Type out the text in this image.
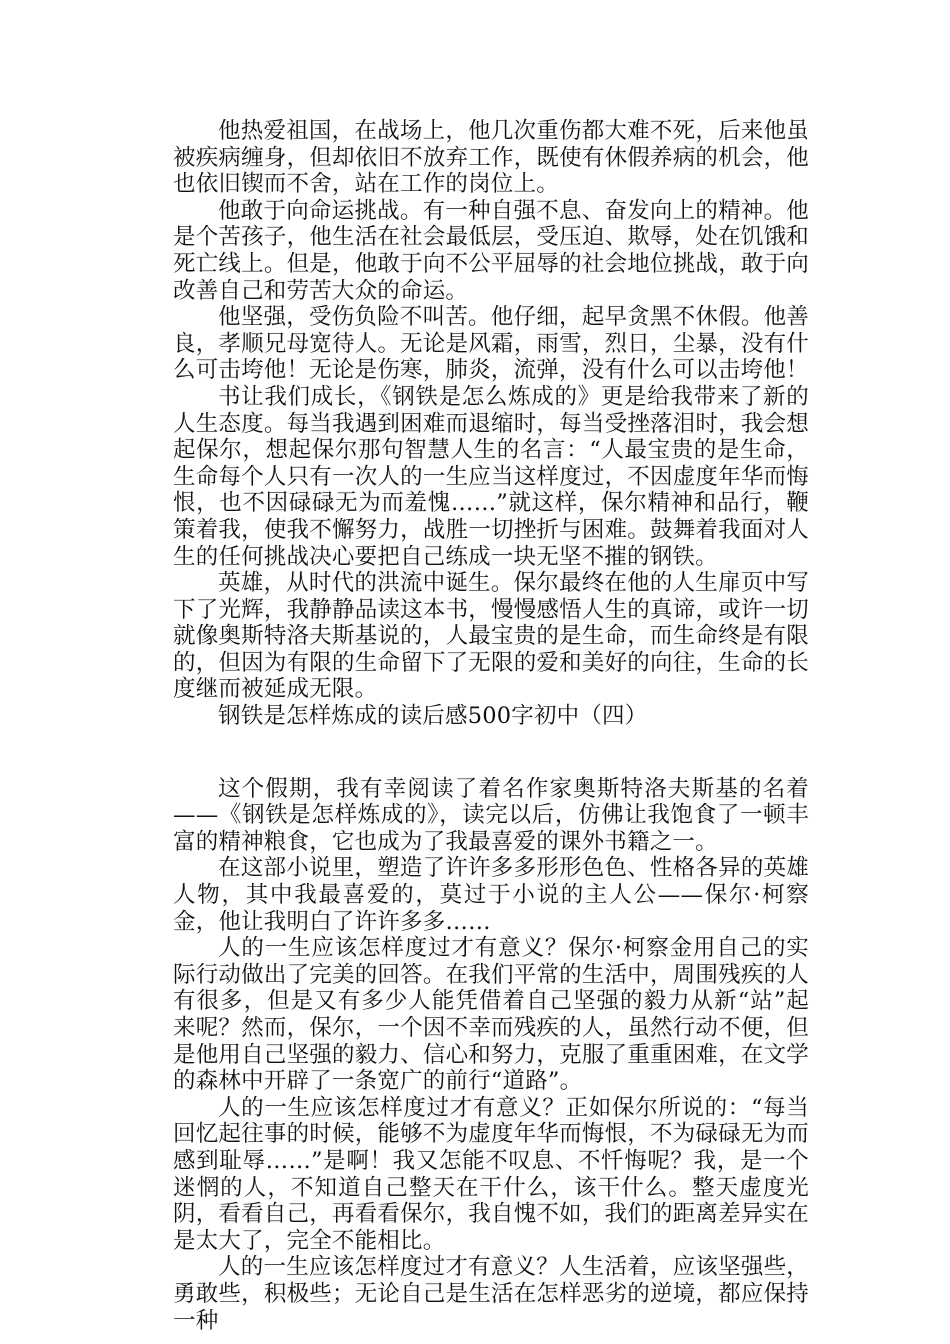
他热爱祖国，在战场上，他几次重伤都大难不死，后来他虽被疾病缠身，但却依旧不放弃工作，既使有休假养病的机会，他也依旧锲而不舍，站在工作的岗位上。

他敢于向命运挑战。有一种自强不息、奋发向上的精神。他是个苦孩子，他生活在社会最低层，受压迫、欺辱，处在饥饿和死亡线上。但是，他敢于向不公平屈辱的社会地位挑战，敢于向改善自己和劳苦大众的命运。

他坚强，受伤负险不叫苦。他仔细，起早贪黑不休假。他善良，孝顺兄母宽待人。无论是风霜，雨雪，烈日，尘暴，没有什么可击垮他！无论是伤寒，肺炎，流弹，没有什么可以击垮他！

书让我们成长，《钢铁是怎么炼成的》更是给我带来了新的人生态度。每当我遇到困难而退缩时，每当受挫落泪时，我会想起保尔，想起保尔那句智慧人生的名言：“人最宝贵的是生命，生命每个人只有一次人的一生应当这样度过，不因虚度年华而悔恨，也不因碌碌无为而羞愧……”就这样，保尔精神和品行，鞭策着我，使我不懈努力，战胜一切挫折与困难。鼓舞着我面对人生的任何挑战决心要把自己练成一块无坚不摧的钢铁。

英雄，从时代的洪流中诞生。保尔最终在他的人生扉页中写下了光辉，我静静品读这本书，慢慢感悟人生的真谛，或许一切就像奥斯特洛夫斯基说的，人最宝贵的是生命，而生命终是有限的，但因为有限的生命留下了无限的爱和美好的向往，生命的长度继而被延成无限。

钢铁是怎样炼成的读后感500字初中（四）

这个假期，我有幸阅读了着名作家奥斯特洛夫斯基的名着——《钢铁是怎样炼成的》，读完以后，仿佛让我饱食了一顿丰富的精神粮食，它也成为了我最喜爱的课外书籍之一。

在这部小说里，塑造了许许多多形形色色、性格各异的英雄人物，其中我最喜爱的，莫过于小说的主人公——保尔·柯察金，他让我明白了许许多多……

人的一生应该怎样度过才有意义？保尔·柯察金用自己的实际行动做出了完美的回答。在我们平常的生活中，周围残疾的人有很多，但是又有多少人能凭借着自己坚强的毅力从新“站”起来呢？然而，保尔，一个因不幸而残疾的人，虽然行动不便，但是他用自己坚强的毅力、信心和努力，克服了重重困难，在文学的森林中开辟了一条宽广的前行“道路”。

人的一生应该怎样度过才有意义？正如保尔所说的：“每当回忆起往事的时候，能够不为虚度年华而悔恨，不为碌碌无为而感到耻辱……”是啊！我又怎能不叹息、不忏悔呢？我，是一个迷惘的人，不知道自己整天在干什么，该干什么。整天虚度光阴，看看自己，再看看保尔，我自愧不如，我们的距离差异实在是太大了，完全不能相比。

人的一生应该怎样度过才有意义？人生活着，应该坚强些，勇敢些，积极些；无论自己是生活在怎样恶劣的逆境，都应保持一种
